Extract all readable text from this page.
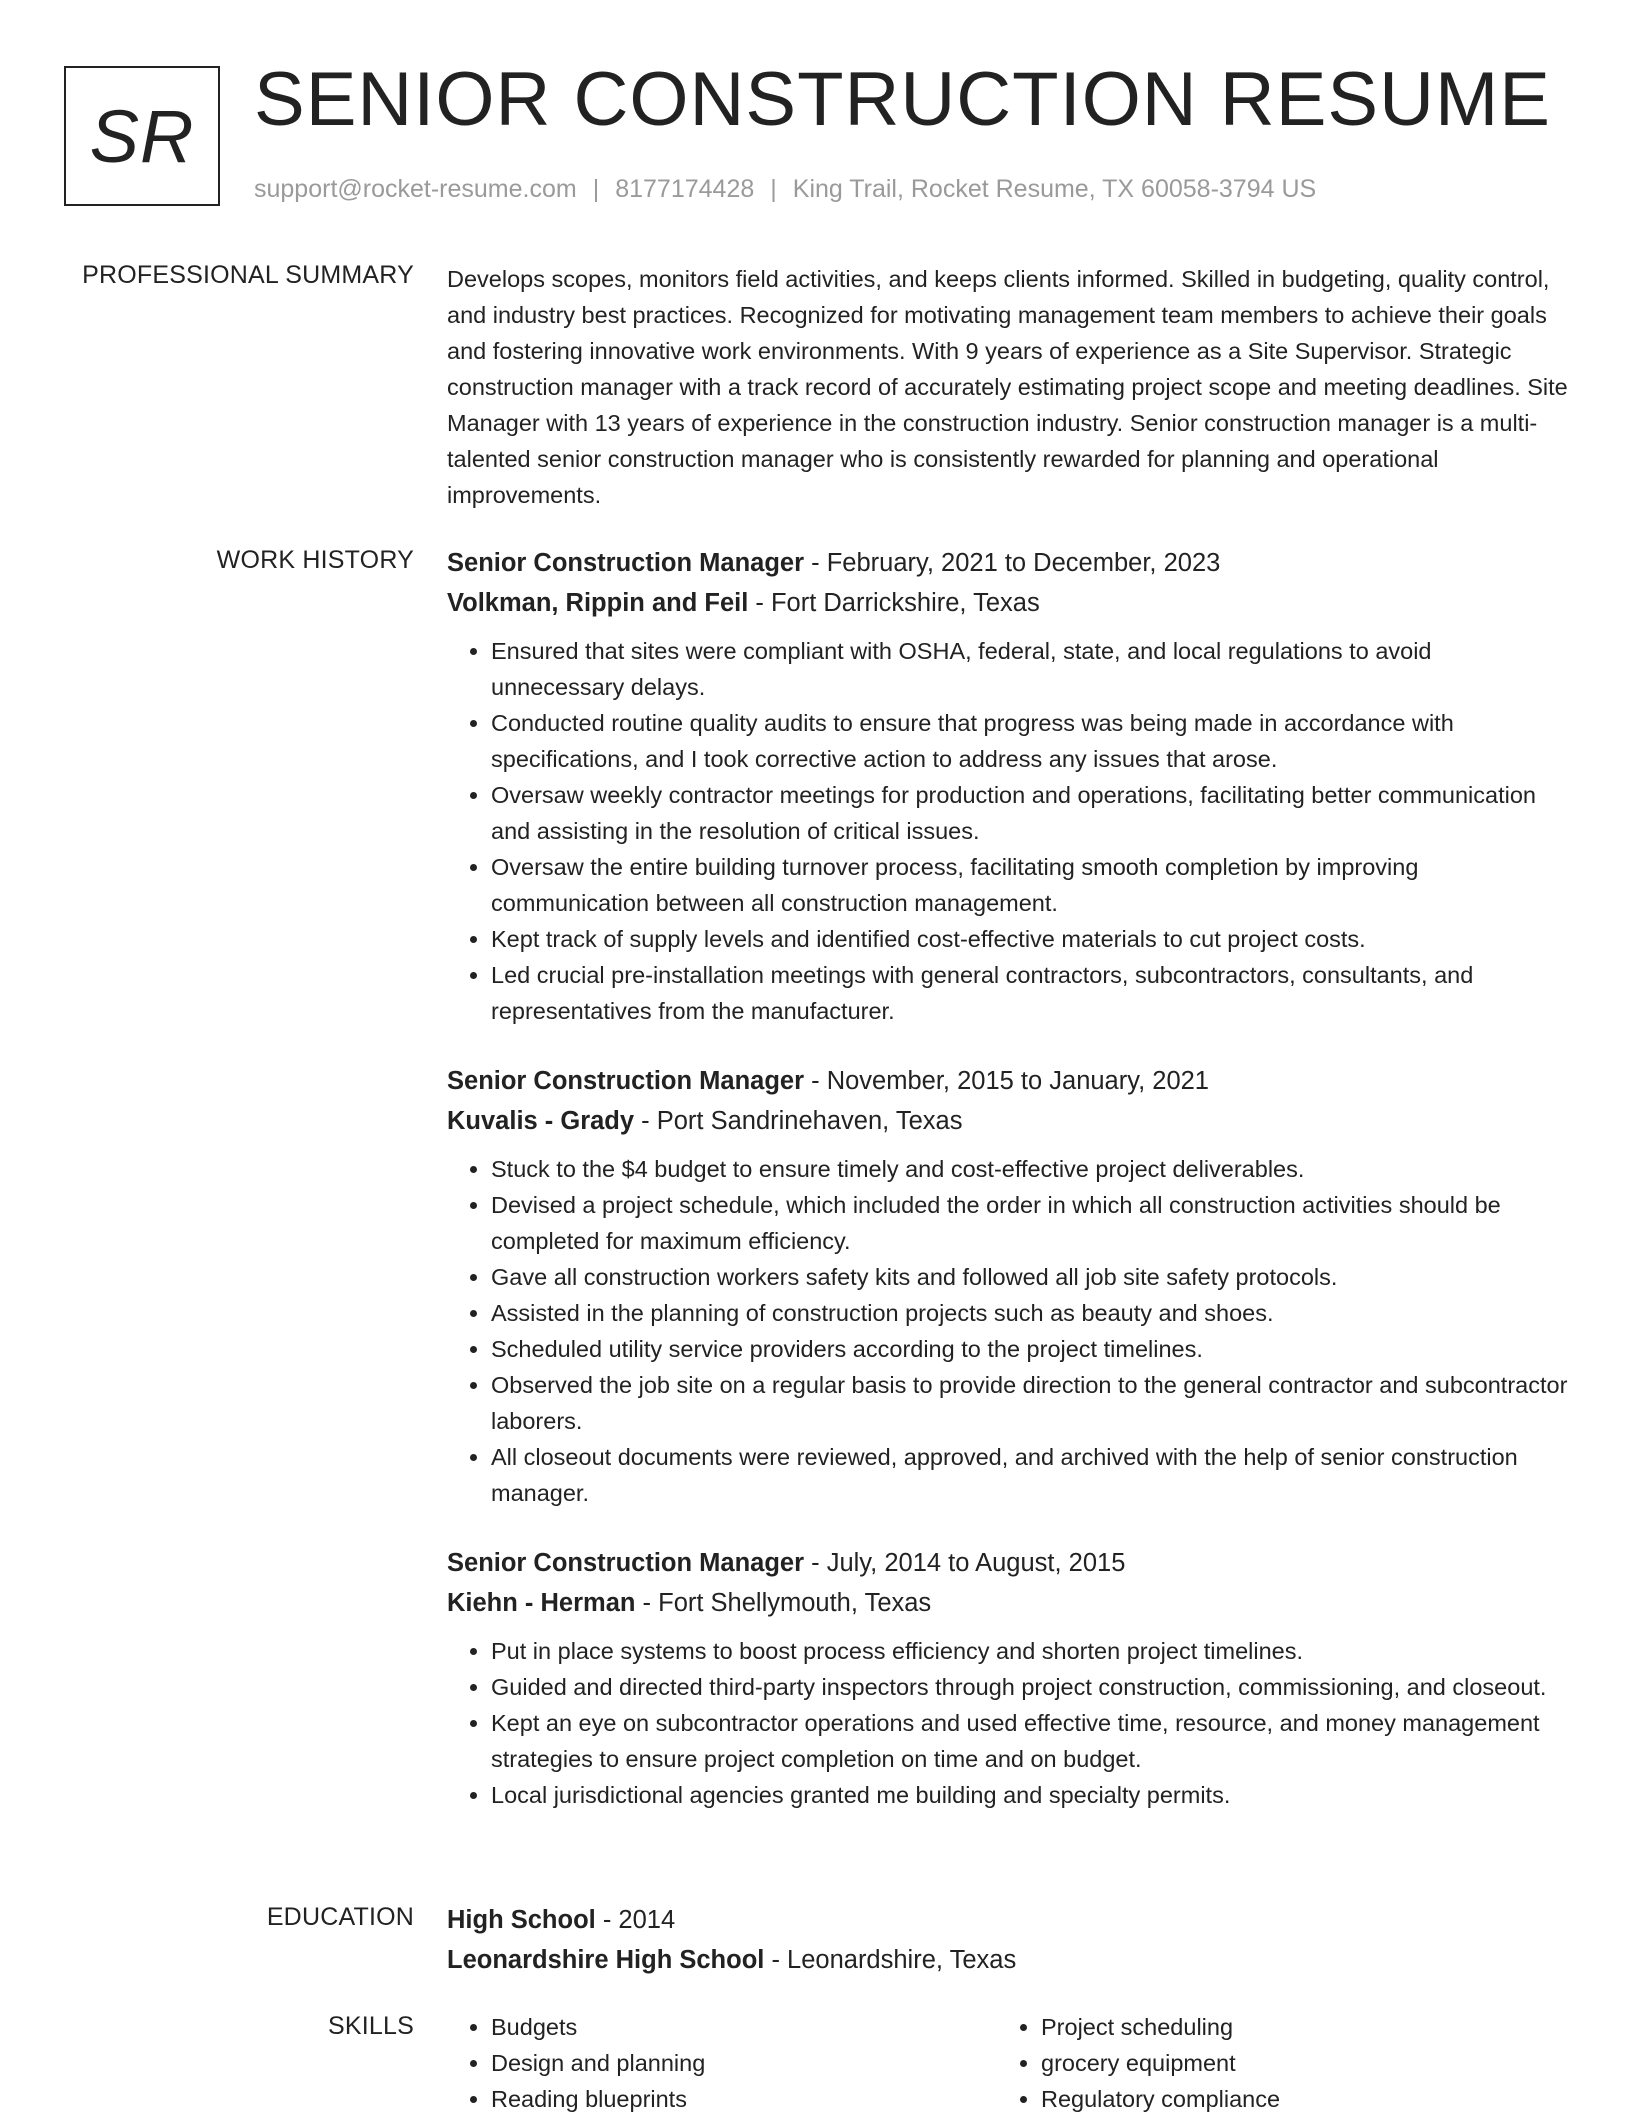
SR SENIOR CONSTRUCTION RESUME
support@rocket-resume.com | 8177174428 | King Trail, Rocket Resume, TX 60058-3794 US
PROFESSIONAL SUMMARY Develops scopes, monitors field activities, and keeps clients informed. Skilled in budgeting, quality control, and industry best practices. Recognized for motivating management team members to achieve their goals and fostering innovative work environments. With 9 years of experience as a Site Supervisor. Strategic construction manager with a track record of accurately estimating project scope and meeting deadlines. Site Manager with 13 years of experience in the construction industry. Senior construction manager is a multi-talented senior construction manager who is consistently rewarded for planning and operational improvements.

WORK HISTORY Senior Construction Manager - February, 2021 to December, 2023

Volkman, Rippin and Feil - Fort Darrickshire, Texas

• Ensured that sites were compliant with OSHA, federal, state, and local regulations to avoid unnecessary delays.
• Conducted routine quality audits to ensure that progress was being made in accordance with specifications, and I took corrective action to address any issues that arose.
• Oversaw weekly contractor meetings for production and operations, facilitating better communication and assisting in the resolution of critical issues.
• Oversaw the entire building turnover process, facilitating smooth completion by improving communication between all construction management.
• Kept track of supply levels and identified cost-effective materials to cut project costs.
• Led crucial pre-installation meetings with general contractors, subcontractors, consultants, and representatives from the manufacturer.

Senior Construction Manager - November, 2015 to January, 2021

Kuvalis - Grady - Port Sandrinehaven, Texas

• Stuck to the $4 budget to ensure timely and cost-effective project deliverables.
• Devised a project schedule, which included the order in which all construction activities should be completed for maximum efficiency.
• Gave all construction workers safety kits and followed all job site safety protocols.
• Assisted in the planning of construction projects such as beauty and shoes.
• Scheduled utility service providers according to the project timelines.
• Observed the job site on a regular basis to provide direction to the general contractor and subcontractor laborers.
• All closeout documents were reviewed, approved, and archived with the help of senior construction manager.

Senior Construction Manager - July, 2014 to August, 2015

Kiehn - Herman - Fort Shellymouth, Texas

• Put in place systems to boost process efficiency and shorten project timelines.
• Guided and directed third-party inspectors through project construction, commissioning, and closeout.
• Kept an eye on subcontractor operations and used effective time, resource, and money management strategies to ensure project completion on time and on budget.
• Local jurisdictional agencies granted me building and specialty permits.
EDUCATION High School - 2014

Leonardshire High School - Leonardshire, Texas

SKILLS
•	Budgets
• Design and planning
• Reading blueprints
• Project scheduling
• grocery equipment
• Regulatory compliance
